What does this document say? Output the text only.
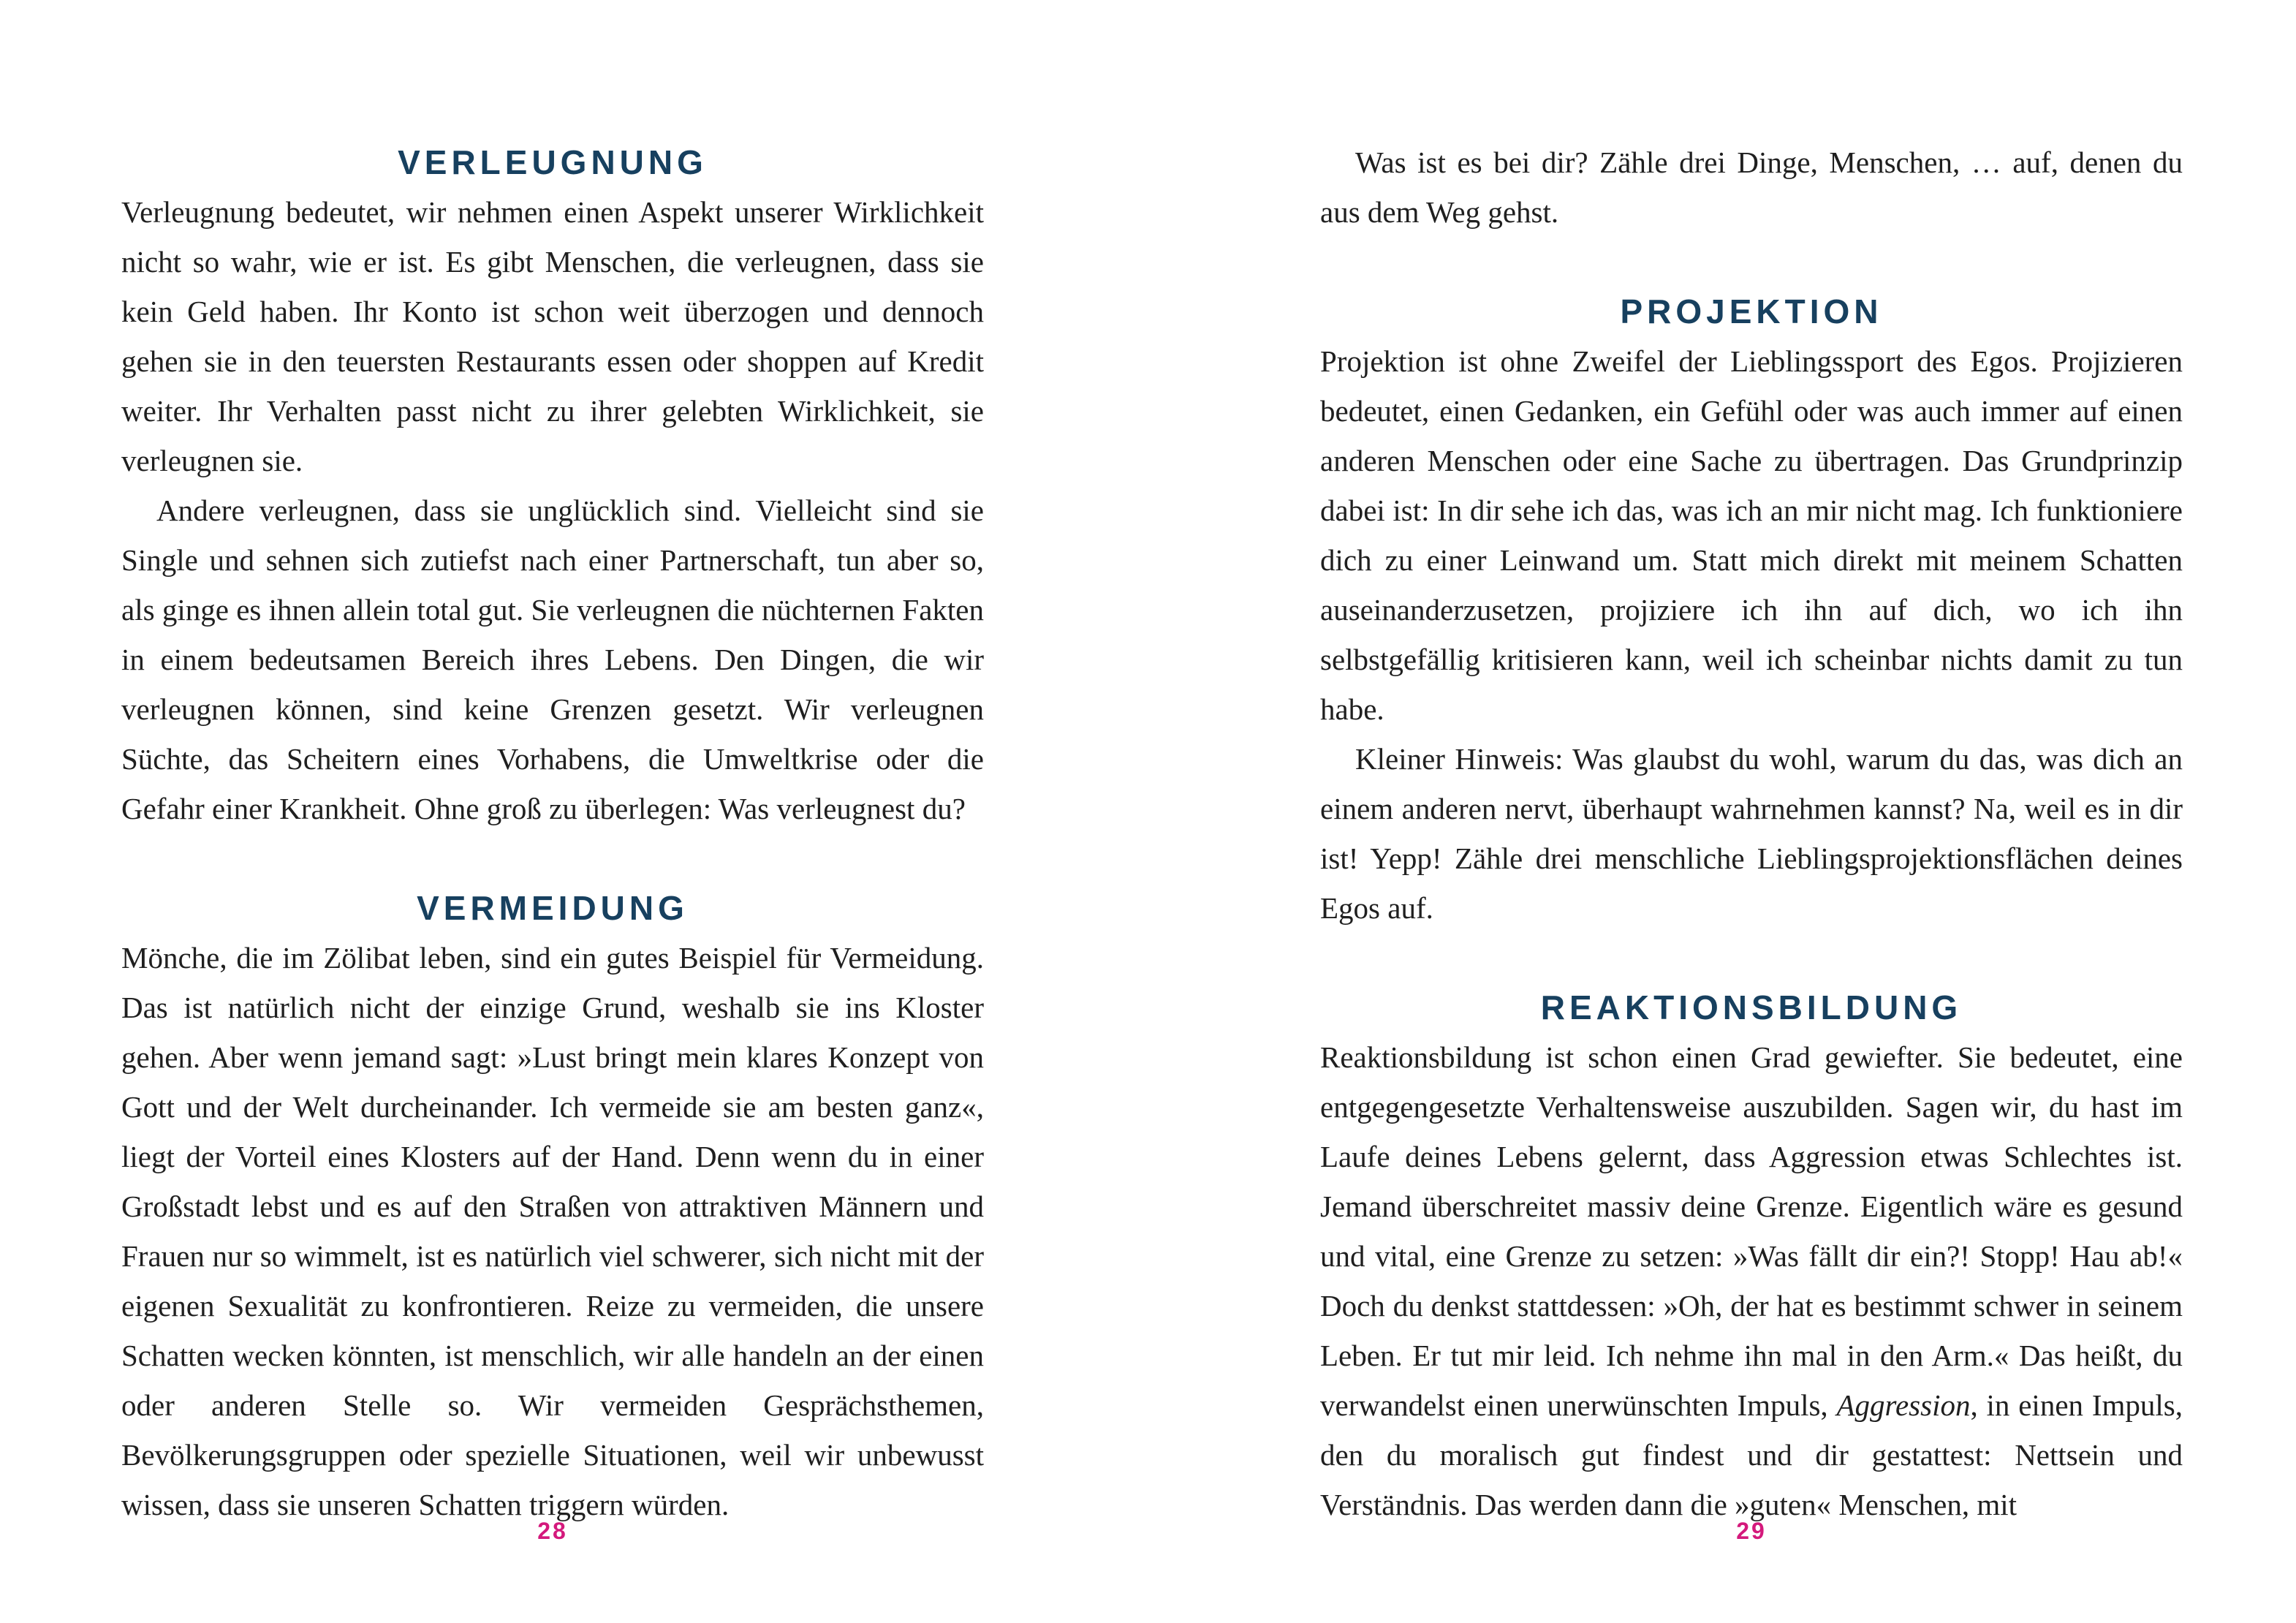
VERLEUGNUNG

Verleugnung bedeutet, wir nehmen einen Aspekt unserer Wirklichkeit nicht so wahr, wie er ist. Es gibt Menschen, die verleugnen, dass sie kein Geld haben. Ihr Konto ist schon weit überzogen und dennoch gehen sie in den teuersten Restaurants essen oder shoppen auf Kredit weiter. Ihr Verhalten passt nicht zu ihrer gelebten Wirklichkeit, sie verleugnen sie.

Andere verleugnen, dass sie unglücklich sind. Vielleicht sind sie Single und sehnen sich zutiefst nach einer Partnerschaft, tun aber so, als ginge es ihnen allein total gut. Sie verleugnen die nüchternen Fakten in einem bedeutsamen Bereich ihres Lebens. Den Dingen, die wir verleugnen können, sind keine Grenzen gesetzt. Wir verleugnen Süchte, das Scheitern eines Vorhabens, die Umweltkrise oder die Gefahr einer Krankheit. Ohne groß zu überlegen: Was verleugnest du?

VERMEIDUNG

Mönche, die im Zölibat leben, sind ein gutes Beispiel für Vermeidung. Das ist natürlich nicht der einzige Grund, weshalb sie ins Kloster gehen. Aber wenn jemand sagt: »Lust bringt mein klares Konzept von Gott und der Welt durcheinander. Ich vermeide sie am besten ganz«, liegt der Vorteil eines Klosters auf der Hand. Denn wenn du in einer Großstadt lebst und es auf den Straßen von attraktiven Männern und Frauen nur so wimmelt, ist es natürlich viel schwerer, sich nicht mit der eigenen Sexualität zu konfrontieren. Reize zu vermeiden, die unsere Schatten wecken könnten, ist menschlich, wir alle handeln an der einen oder anderen Stelle so. Wir vermeiden Gesprächsthemen, Bevölkerungsgruppen oder spezielle Situationen, weil wir unbewusst wissen, dass sie unseren Schatten triggern würden.

28

Was ist es bei dir? Zähle drei Dinge, Menschen, … auf, denen du aus dem Weg gehst.

PROJEKTION

Projektion ist ohne Zweifel der Lieblingssport des Egos. Projizieren bedeutet, einen Gedanken, ein Gefühl oder was auch immer auf einen anderen Menschen oder eine Sache zu übertragen. Das Grundprinzip dabei ist: In dir sehe ich das, was ich an mir nicht mag. Ich funktioniere dich zu einer Leinwand um. Statt mich direkt mit meinem Schatten auseinanderzusetzen, projiziere ich ihn auf dich, wo ich ihn selbstgefällig kritisieren kann, weil ich scheinbar nichts damit zu tun habe.

Kleiner Hinweis: Was glaubst du wohl, warum du das, was dich an einem anderen nervt, überhaupt wahrnehmen kannst? Na, weil es in dir ist! Yepp! Zähle drei menschliche Lieblingsprojektionsflächen deines Egos auf.

REAKTIONSBILDUNG

Reaktionsbildung ist schon einen Grad gewiefter. Sie bedeutet, eine entgegengesetzte Verhaltensweise auszubilden. Sagen wir, du hast im Laufe deines Lebens gelernt, dass Aggression etwas Schlechtes ist. Jemand überschreitet massiv deine Grenze. Eigentlich wäre es gesund und vital, eine Grenze zu setzen: »Was fällt dir ein?! Stopp! Hau ab!« Doch du denkst stattdessen: »Oh, der hat es bestimmt schwer in seinem Leben. Er tut mir leid. Ich nehme ihn mal in den Arm.« Das heißt, du verwandelst einen unerwünschten Impuls, Aggression, in einen Impuls, den du moralisch gut findest und dir gestattest: Nettsein und Verständnis. Das werden dann die »guten« Menschen, mit

29
